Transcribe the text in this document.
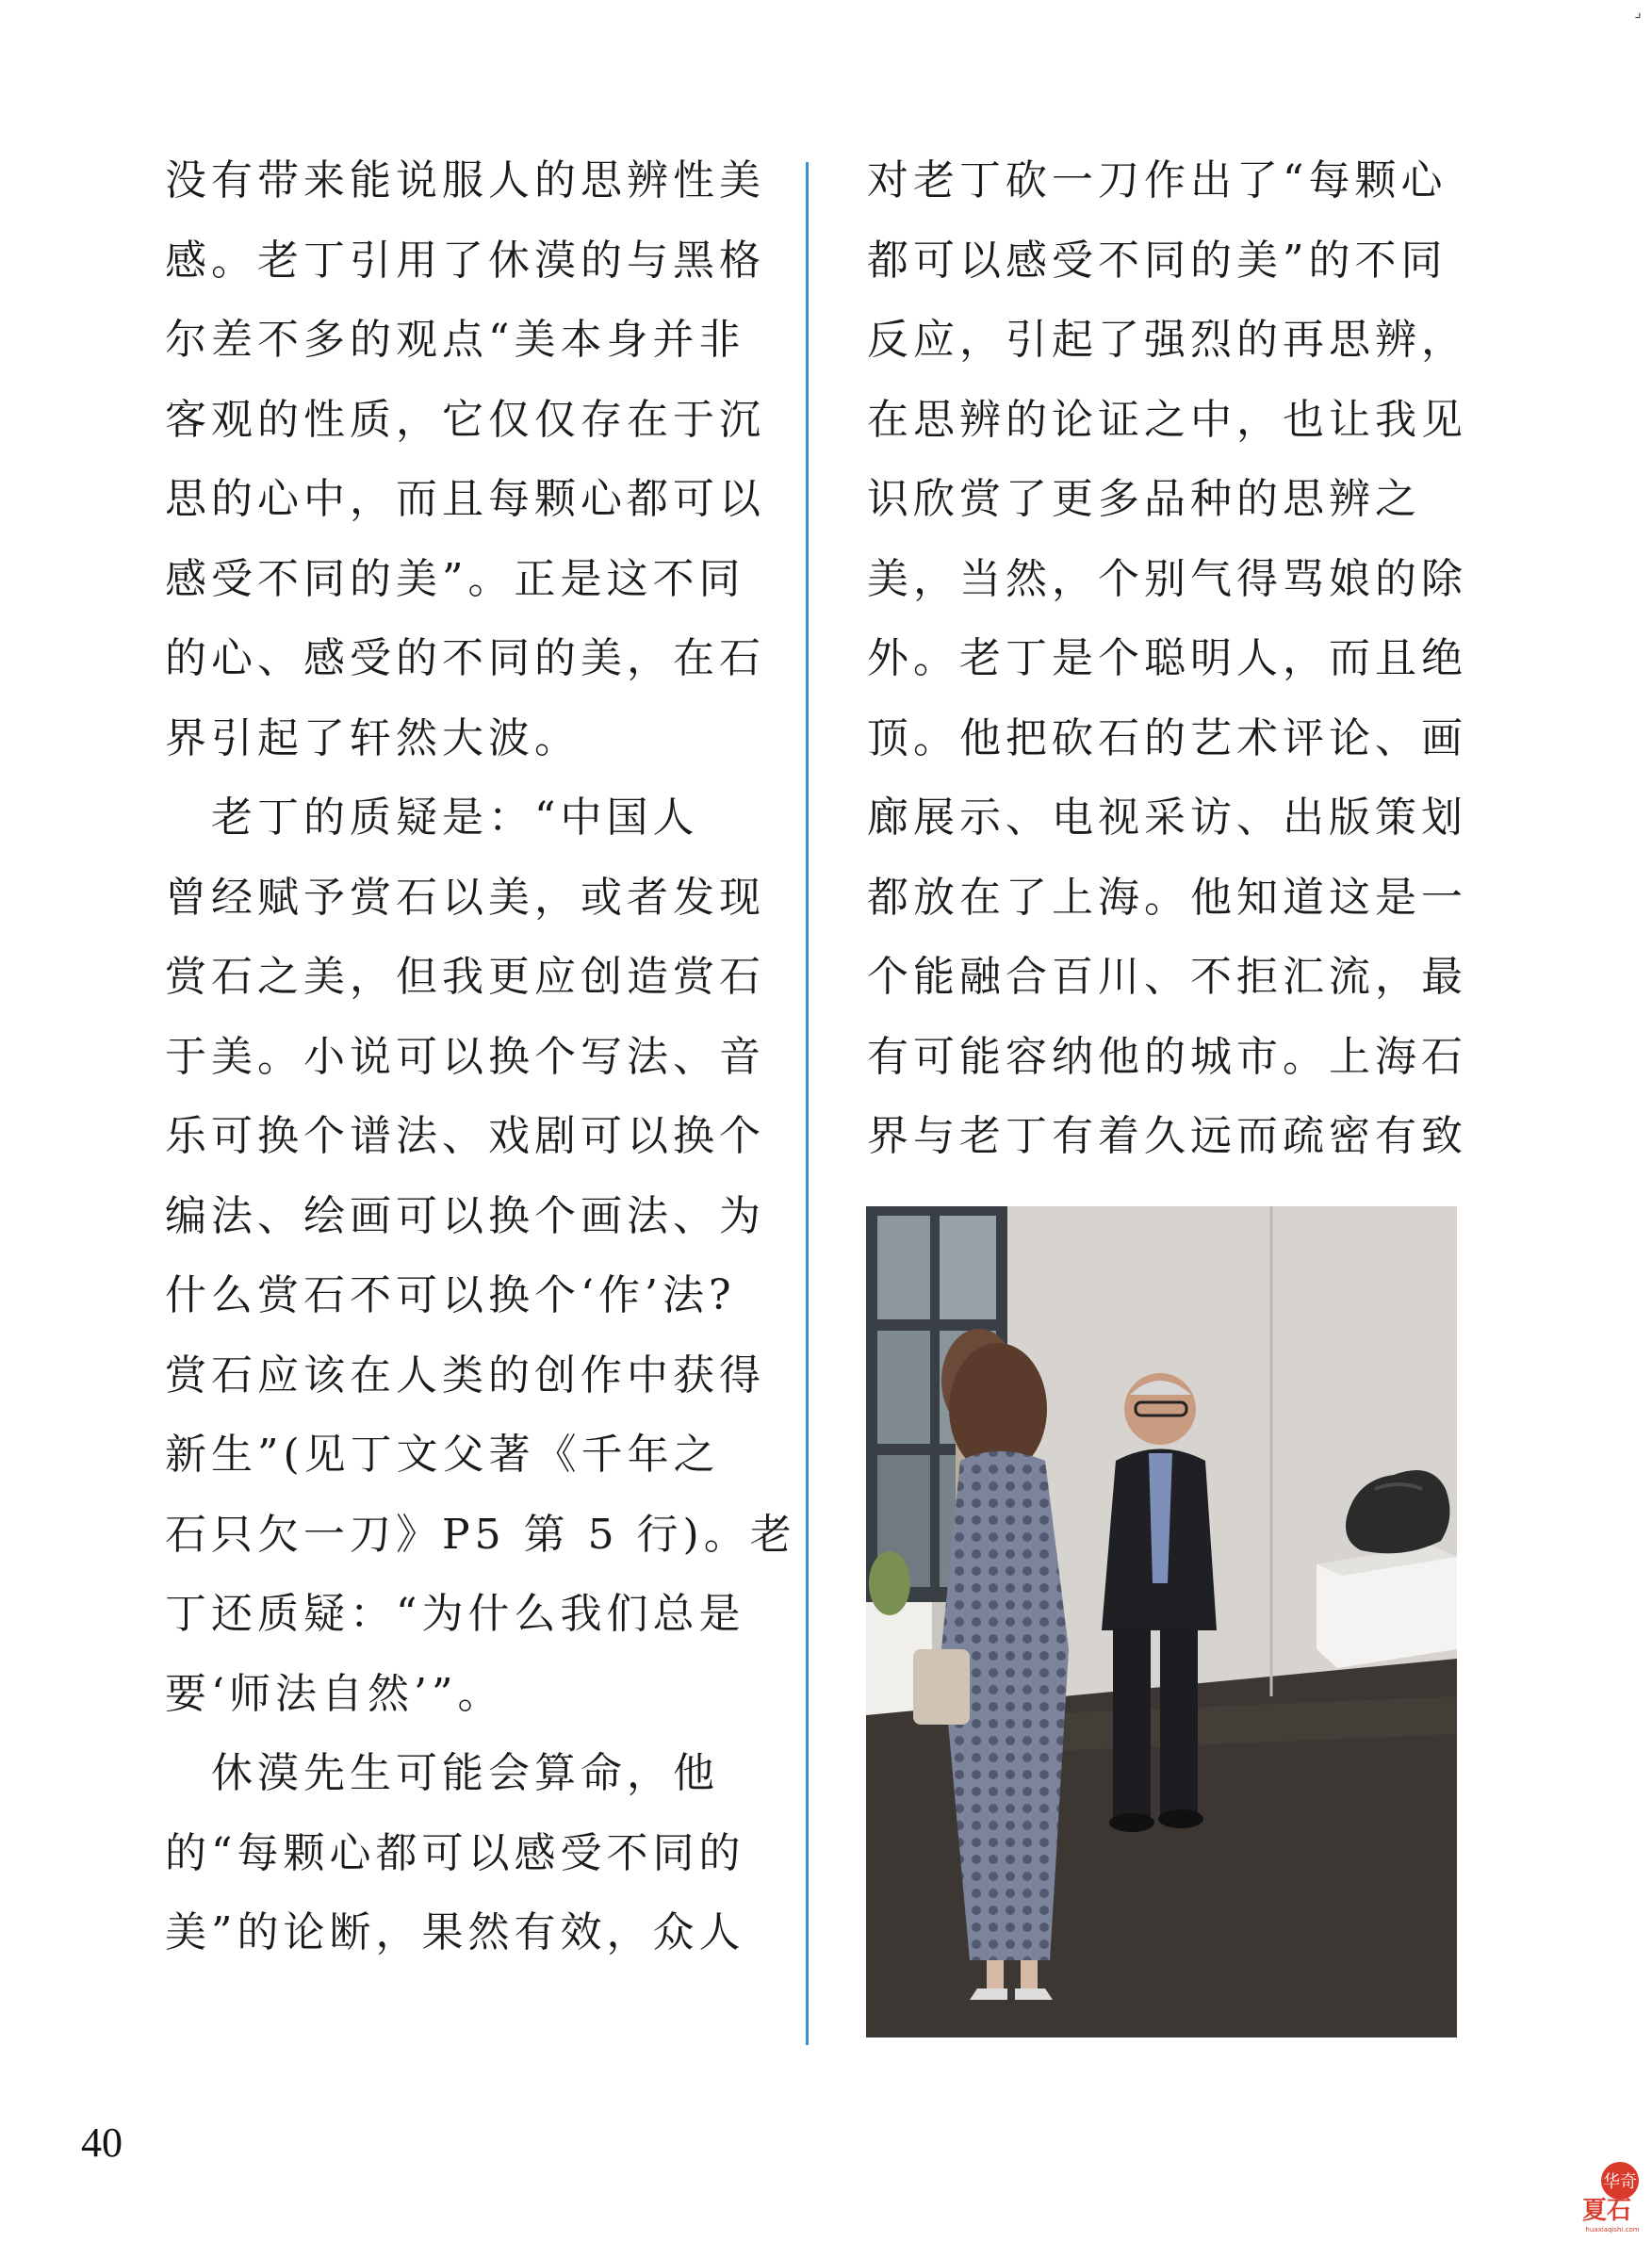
⌟

没有带来能说服人的思辨性美

感。老丁引用了休漠的与黑格

尔差不多的观点“美本身并非

客观的性质，它仅仅存在于沉

思的心中，而且每颗心都可以

感受不同的美”。正是这不同

的心、感受的不同的美，在石

界引起了轩然大波。

　老丁的质疑是：“中国人

曾经赋予赏石以美，或者发现

赏石之美，但我更应创造赏石

于美。小说可以换个写法、音

乐可换个谱法、戏剧可以换个

编法、绘画可以换个画法、为

什么赏石不可以换个‘作’法?

赏石应该在人类的创作中获得

新生”(见丁文父著《千年之

石只欠一刀》P5 第 5 行)。老

丁还质疑：“为什么我们总是

要‘师法自然’”。

　休漠先生可能会算命，他

的“每颗心都可以感受不同的

美”的论断，果然有效，众人

对老丁砍一刀作出了“每颗心

都可以感受不同的美”的不同

反应，引起了强烈的再思辨，

在思辨的论证之中，也让我见

识欣赏了更多品种的思辨之

美，当然，个别气得骂娘的除

外。老丁是个聪明人，而且绝

顶。他把砍石的艺术评论、画

廊展示、电视采访、出版策划

都放在了上海。他知道这是一

个能融合百川、不拒汇流，最

有可能容纳他的城市。上海石

界与老丁有着久远而疏密有致

40
华奇
夏石
huaxiaqishi.com
